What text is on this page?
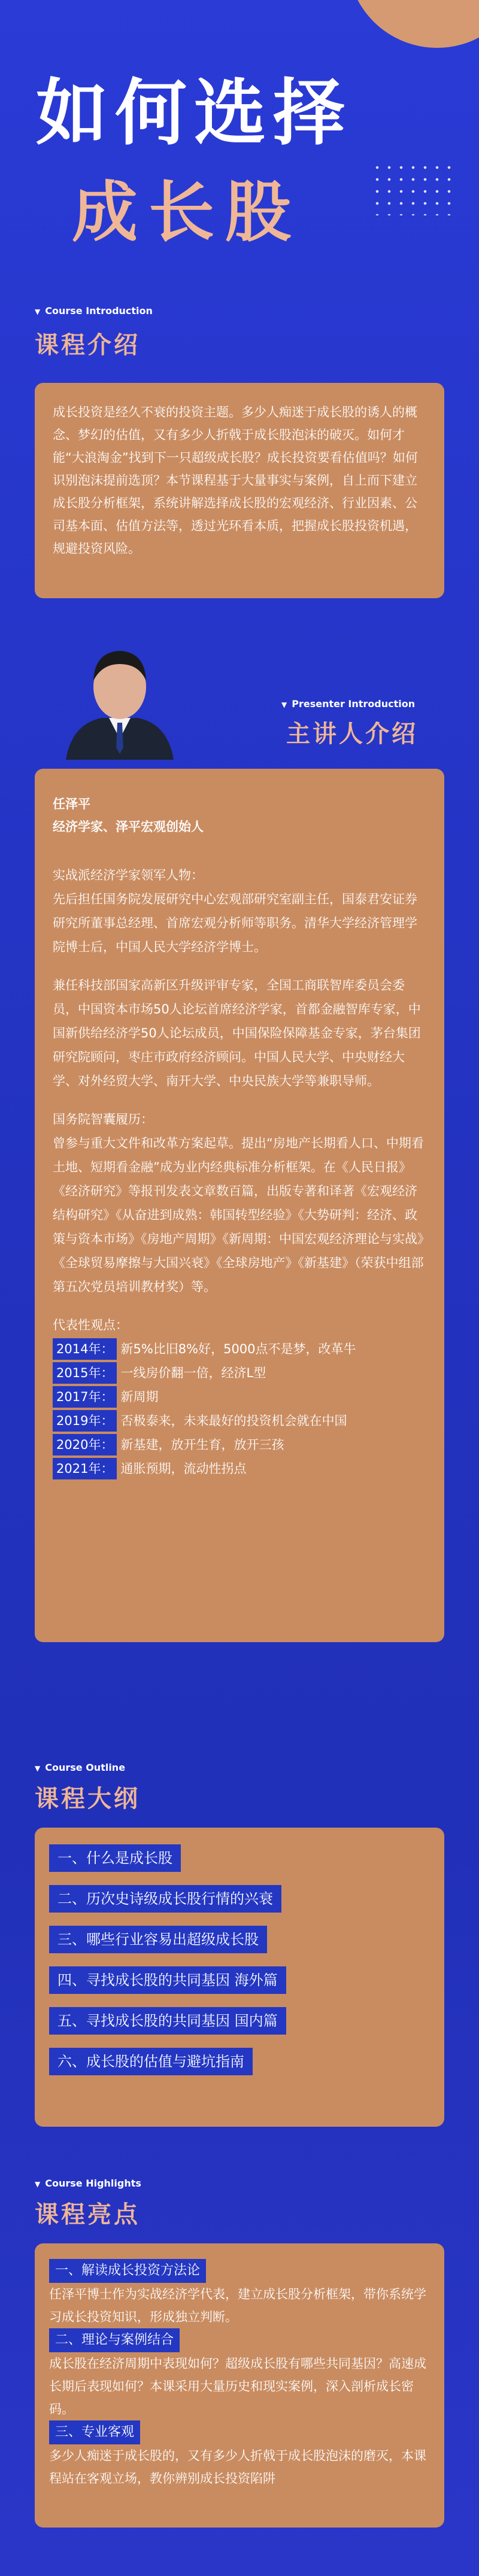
如何选择
成长股
▼ Course Introduction
课程介绍

成长投资是经久不衰的投资主题。多少人痴迷于成长股的诱人的概念、梦幻的估值，又有多少人折戟于成长股泡沫的破灭。如何才能“大浪淘金”找到下一只超级成长股？成长投资要看估值吗？如何识别泡沫提前选顶？本节课程基于大量事实与案例，自上而下建立成长股分析框架，系统讲解选择成长股的宏观经济、行业因素、公司基本面、估值方法等，透过光环看本质，把握成长股投资机遇，规避投资风险。

▼ Presenter Introduction
主讲人介绍

任泽平

经济学家、泽平宏观创始人

实战派经济学家领军人物：

先后担任国务院发展研究中心宏观部研究室副主任，国泰君安证券研究所董事总经理、首席宏观分析师等职务。清华大学经济管理学院博士后，中国人民大学经济学博士。

兼任科技部国家高新区升级评审专家，全国工商联智库委员会委员，中国资本市场50人论坛首席经济学家，首都金融智库专家，中国新供给经济学50人论坛成员，中国保险保障基金专家，茅台集团研究院顾问，枣庄市政府经济顾问。中国人民大学、中央财经大学、对外经贸大学、南开大学、中央民族大学等兼职导师。

国务院智囊履历：

曾参与重大文件和改革方案起草。提出“房地产长期看人口、中期看土地、短期看金融”成为业内经典标准分析框架。在《人民日报》《经济研究》等报刊发表文章数百篇，出版专著和译著《宏观经济结构研究》《从奋进到成熟：韩国转型经验》《大势研判：经济、政策与资本市场》《房地产周期》《新周期：中国宏观经济理论与实战》《全球贸易摩擦与大国兴衰》《全球房地产》《新基建》（荣获中组部第五次党员培训教材奖）等。

代表性观点：

2014年： 新5%比旧8%好，5000点不是梦，改革牛
2015年： 一线房价翻一倍，经济L型
2017年： 新周期
2019年： 否极泰来，未来最好的投资机会就在中国
2020年： 新基建，放开生育，放开三孩
2021年： 通胀预期，流动性拐点
▼ Course Outline
课程大纲
一、什么是成长股
二、历次史诗级成长股行情的兴衰
三、哪些行业容易出超级成长股
四、寻找成长股的共同基因 海外篇
五、寻找成长股的共同基因 国内篇
六、成长股的估值与避坑指南
▼ Course Highlights
课程亮点
一、解读成长投资方法论

任泽平博士作为实战经济学代表，建立成长股分析框架，带你系统学习成长投资知识，形成独立判断。

二、理论与案例结合

成长股在经济周期中表现如何？超级成长股有哪些共同基因？高速成长期后表现如何？本课采用大量历史和现实案例，深入剖析成长密码。

三、专业客观

多少人痴迷于成长股的，又有多少人折戟于成长股泡沫的磨灭，本课程站在客观立场，教你辨别成长投资陷阱
